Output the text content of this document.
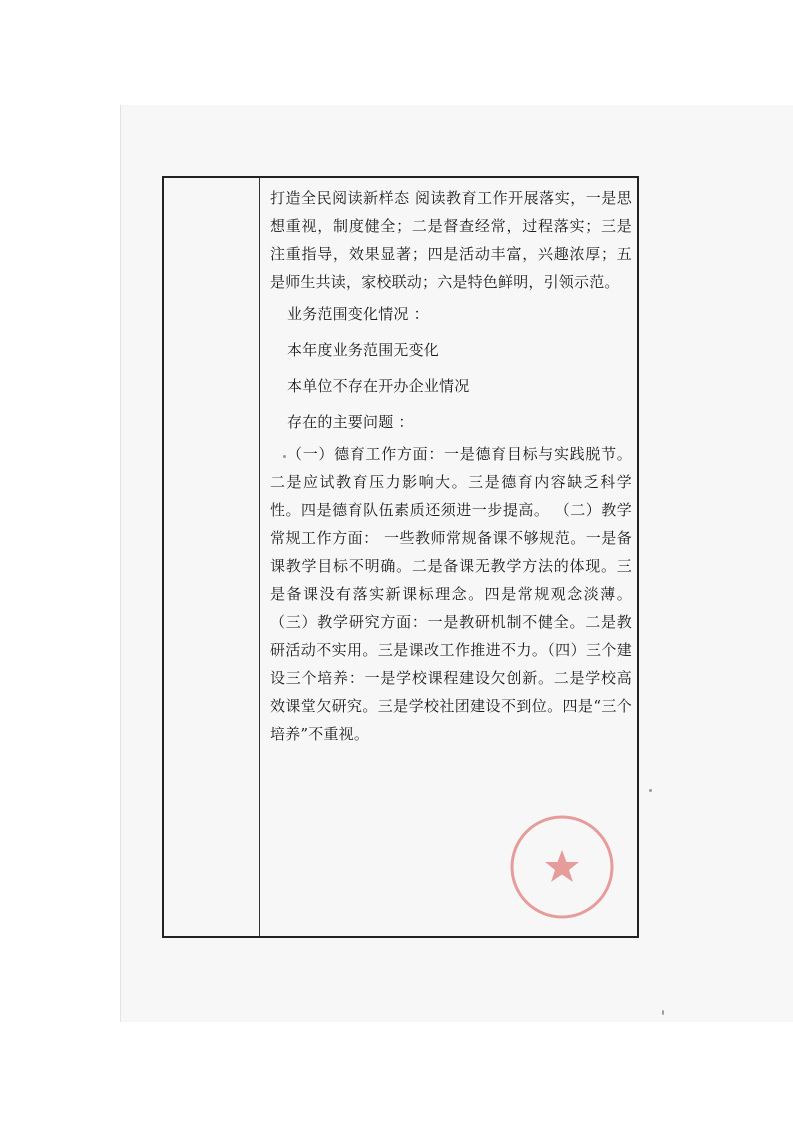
打造全民阅读新样态 阅读教育工作开展落实，一是思想重视，制度健全；二是督查经常，过程落实；三是注重指导，效果显著；四是活动丰富，兴趣浓厚；五是师生共读，家校联动；六是特色鲜明，引领示范。

业务范围变化情况 ：

本年度业务范围无变化

本单位不存在开办企业情况

存在的主要问题 ：

（一）德育工作方面：一是德育目标与实践脱节。二是应试教育压力影响大。三是德育内容缺乏科学性。四是德育队伍素质还须进一步提高。 （二）教学常规工作方面： 一些教师常规备课不够规范。一是备课教学目标不明确。二是备课无教学方法的体现。三是备课没有落实新课标理念。四是常规观念淡薄。（三）教学研究方面：一是教研机制不健全。二是教研活动不实用。三是课改工作推进不力。（四）三个建设三个培养：一是学校课程建设欠创新。二是学校高效课堂欠研究。三是学校社团建设不到位。四是“三个培养”不重视。
